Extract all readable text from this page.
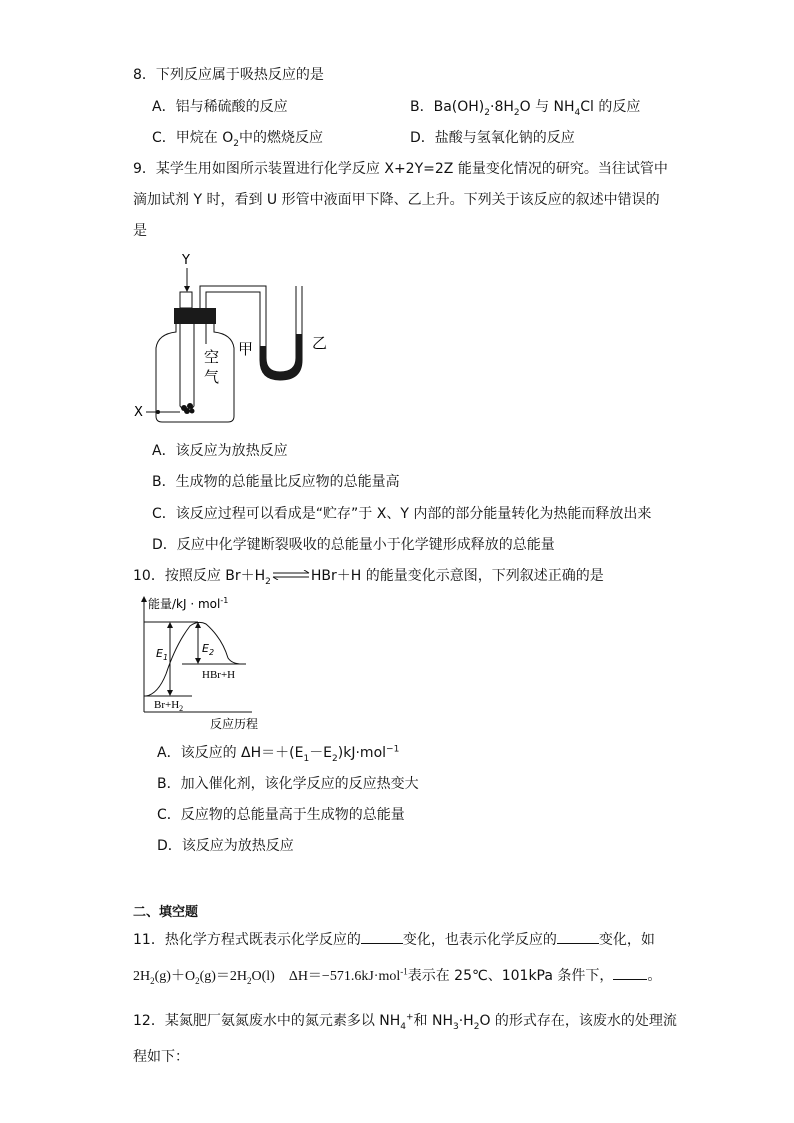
8．下列反应属于吸热反应的是
A．铝与稀硫酸的反应	B．$Ba(OH)_2\cdot 8H_2O$ 与 $NH_4Cl$ 的反应
C．甲烷在 $O_2$中的燃烧反应	D．盐酸与氢氧化钠的反应
9．某学生用如图所示装置进行化学反应 X+2Y=2Z 能量变化情况的研究。当往试管中
滴加试剂 Y 时，看到 U 形管中液面甲下降、乙上升。下列关于该反应的叙述中错误的
是
Y
空
气
X
甲	乙
A．该反应为放热反应
B．生成物的总能量比反应物的总能量高
C．该反应过程可以看成是“贮存”于 X、Y 内部的部分能量转化为热能而释放出来
D．反应中化学键断裂吸收的总能量小于化学键形成释放的总能量
10．按照反应 $Br+H_2\rightleftharpoons HBr+H$ 的能量变化示意图，下列叙述正确的是
能量/kJ · mol$^{-1}$
$E_1$
$E_2$
HBr+H
$Br+H_2$
反应历程
A．该反应的 $\Delta H=+(E_1-E_2)kJ\cdot mol^{-1}$
B．加入催化剂，该化学反应的反应热变大
C．反应物的总能量高于生成物的总能量
D．该反应为放热反应
二、填空题
11．热化学方程式既表示化学反应的	变化，也表示化学反应的	变化，如
$2H_2(g)+O_2(g)=2H_2O(l)$　ΔH＝−571.6kJ·mol$^{-1}$表示在 25℃、101kPa 条件下， 。
12．某氮肥厂氨氮废水中的氮元素多以 $NH_4^+$和 $NH_3\cdot H_2O$ 的形式存在，该废水的处理流
程如下：
